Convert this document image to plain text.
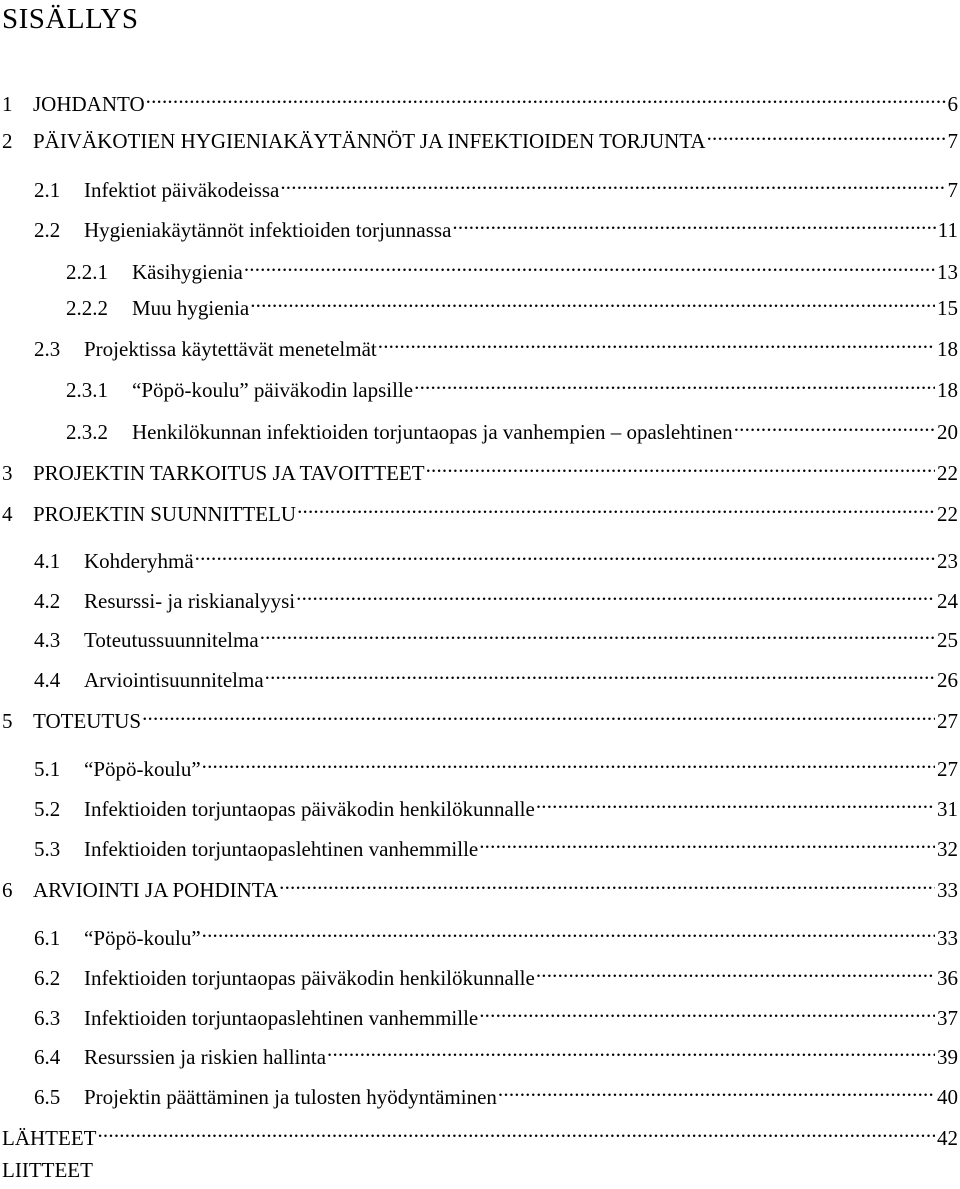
SISÄLLYS
1 JOHDANTO .....	6
2 PÄIVÄKOTIEN HYGIENIAKÄYTÄNNÖT JA INFEKTIOIDEN TORJUNTA .....	7
2.1	Infektiot päiväkodeissa .....	7
2.2	Hygieniakäytännöt infektioiden torjunnassa .....	11
2.2.1	Käsihygienia .....	13
2.2.2	Muu hygienia .....	15
2.3	Projektissa käytettävät menetelmät .....	18
2.3.1	“Pöpö-koulu” päiväkodin lapsille .....	18
2.3.2	Henkilökunnan infektioiden torjuntaopas ja vanhempien – opaslehtinen .....	20
3 PROJEKTIN TARKOITUS JA TAVOITTEET .....	22
4 PROJEKTIN SUUNNITTELU .....	22
4.1	Kohderyhmä .....	23
4.2	Resurssi- ja riskianalyysi .....	24
4.3	Toteutussuunnitelma .....	25
4.4	Arviointisuunnitelma .....	26
5 TOTEUTUS .....	27
5.1	“Pöpö-koulu” .....	27
5.2	Infektioiden torjuntaopas päiväkodin henkilökunnalle .....	31
5.3	Infektioiden torjuntaopaslehtinen vanhemmille .....	32
6 ARVIOINTI JA POHDINTA .....	33
6.1	“Pöpö-koulu” .....	33
6.2	Infektioiden torjuntaopas päiväkodin henkilökunnalle .....	36
6.3	Infektioiden torjuntaopaslehtinen vanhemmille .....	37
6.4	Resurssien ja riskien hallinta .....	39
6.5	Projektin päättäminen ja tulosten hyödyntäminen .....	40
LÄHTEET .....	42
LIITTEET
